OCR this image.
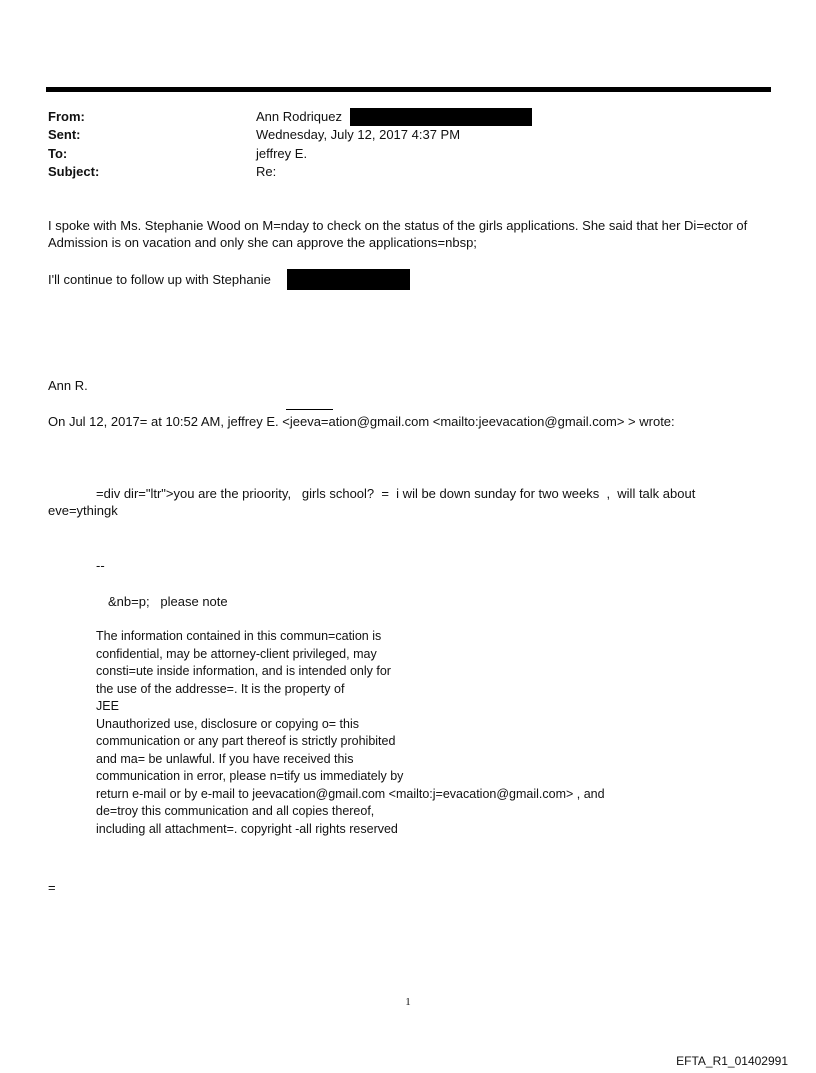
From:	Ann Rodriquez
Sent:	Wednesday, July 12, 2017 4:37 PM
To:	jeffrey E.
Subject:	Re:
I spoke with Ms. Stephanie Wood on M=nday to check on the status of the girls applications. She said that her Di=ector of Admission is on vacation and only she can approve the applications=nbsp;
I'll continue to follow up with Stephanie
Ann R.
On Jul 12, 2017= at 10:52 AM, jeffrey E. <jeeva=ation@gmail.com <mailto:jeevacation@gmail.com> > wrote:
=div dir="ltr">you are the prioority,   girls school?  =  i wil be down sunday for two weeks  ,  will talk about
eve=ythingk
--
&nb=p;   please note
The information contained in this commun=cation is
confidential, may be attorney-client privileged, may
consti=ute inside information, and is intended only for
the use of the addresse=. It is the property of
JEE
Unauthorized use, disclosure or copying o= this
communication or any part thereof is strictly prohibited
and ma= be unlawful. If you have received this
communication in error, please n=tify us immediately by
return e-mail or by e-mail to jeevacation@gmail.com <mailto:j=evacation@gmail.com> , and
de=troy this communication and all copies thereof,
including all attachment=. copyright -all rights reserved
=
1
EFTA_R1_01402991
